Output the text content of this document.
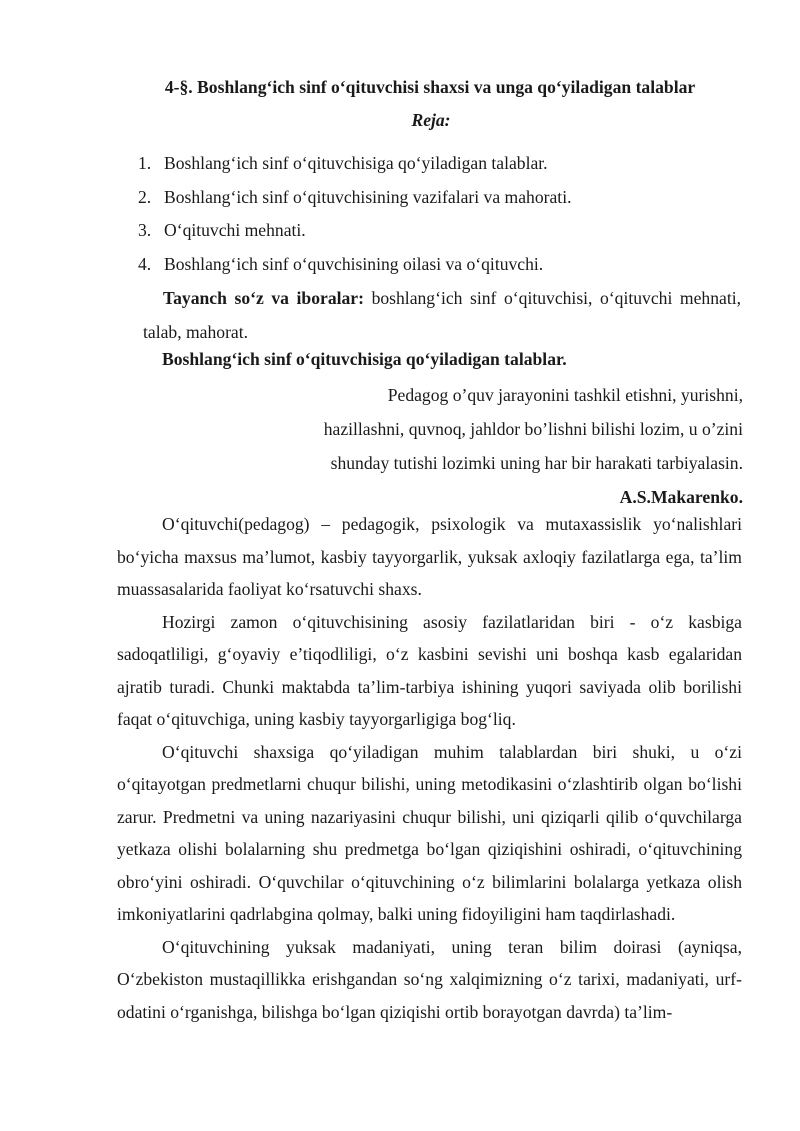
4-§. Boshlang‘ich sinf o‘qituvchisi shaxsi va unga qo‘yiladigan talablar
Reja:
1. Boshlang‘ich sinf o‘qituvchisiga qo‘yiladigan talablar.
2. Boshlang‘ich sinf o‘qituvchisining vazifalari va mahorati.
3. O‘qituvchi mehnati.
4. Boshlang‘ich sinf o‘quvchisining oilasi va o‘qituvchi.
Tayanch so‘z va iboralar: boshlang‘ich sinf o‘qituvchisi, o‘qituvchi mehnati, talab, mahorat.
Boshlang‘ich sinf o‘qituvchisiga qo‘yiladigan talablar.
Pedagog o’quv jarayonini tashkil etishni, yurishni,
hazillashni, quvnoq, jahldor bo’lishni bilishi lozim, u o’zini
shunday tutishi lozimki uning har bir harakati tarbiyalasin.
A.S.Makarenko.

O‘qituvchi(pedagog) – pedagogik, psixologik va mutaxassislik yo‘nalishlari bo‘yicha maxsus ma’lumot, kasbiy tayyorgarlik, yuksak axloqiy fazilatlarga ega, ta’lim muassasalarida faoliyat ko‘rsatuvchi shaxs.

Hozirgi zamon o‘qituvchisining asosiy fazilatlaridan biri - o‘z kasbiga sadoqatliligi, g‘oyaviy e’tiqodliligi, o‘z kasbini sevishi uni boshqa kasb egalaridan ajratib turadi. Chunki maktabda ta’lim-tarbiya ishining yuqori saviyada olib borilishi faqat o‘qituvchiga, uning kasbiy tayyorgarligiga bog‘liq.

O‘qituvchi shaxsiga qo‘yiladigan muhim talablardan biri shuki, u o‘zi o‘qitayotgan predmetlarni chuqur bilishi, uning metodikasini o‘zlashtirib olgan bo‘lishi zarur. Predmetni va uning nazariyasini chuqur bilishi, uni qiziqarli qilib o‘quvchilarga yetkaza olishi bolalarning shu predmetga bo‘lgan qiziqishini oshiradi, o‘qituvchining obro‘yini oshiradi. O‘quvchilar o‘qituvchining o‘z bilimlarini bolalarga yetkaza olish imkoniyatlarini qadrlabgina qolmay, balki uning fidoyiligini ham taqdirlashadi.

O‘qituvchining yuksak madaniyati, uning teran bilim doirasi (ayniqsa, O‘zbekiston mustaqillikka erishgandan so‘ng xalqimizning o‘z tarixi, madaniyati, urf-odatini o‘rganishga, bilishga bo‘lgan qiziqishi ortib borayotgan davrda) ta’lim-
